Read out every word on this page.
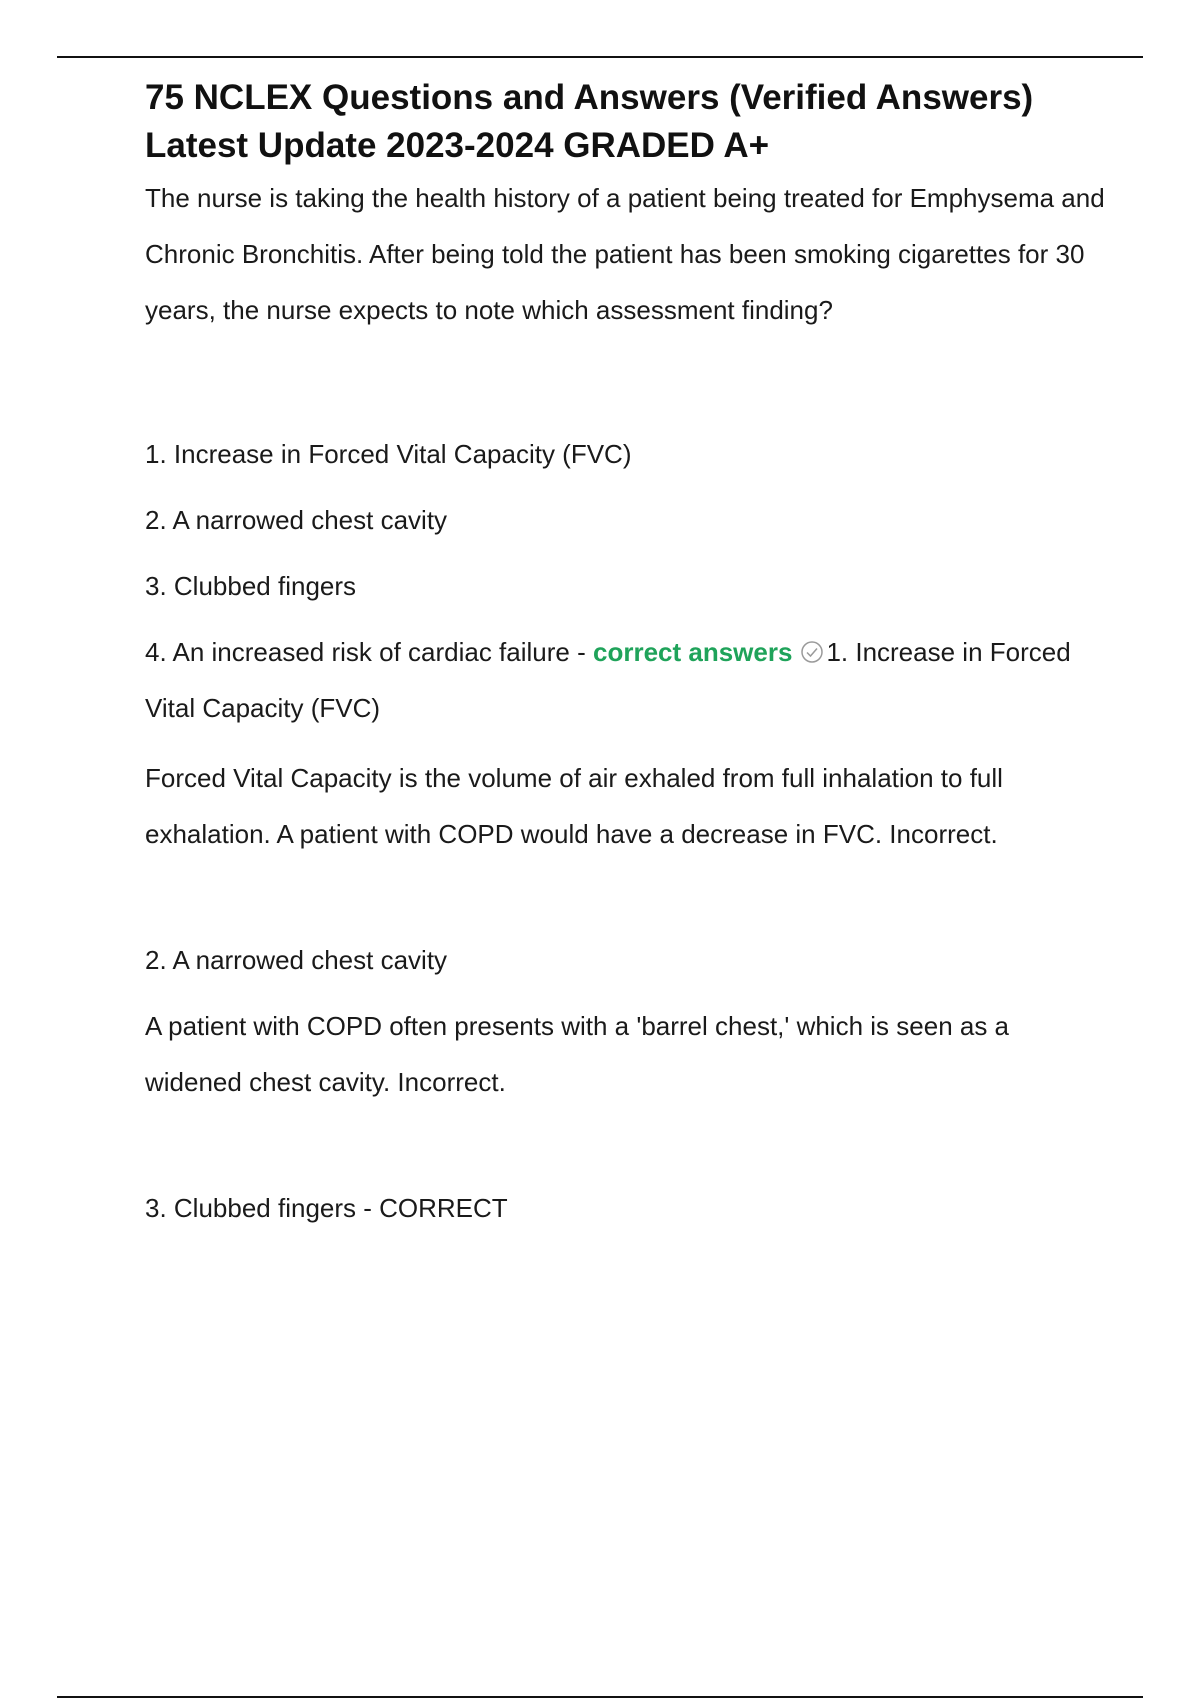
75 NCLEX Questions and Answers (Verified Answers)
Latest Update 2023-2024 GRADED A+

The nurse is taking the health history of a patient being treated for Emphysema and Chronic Bronchitis. After being told the patient has been smoking cigarettes for 30 years, the nurse expects to note which assessment finding?

1. Increase in Forced Vital Capacity (FVC)

2. A narrowed chest cavity

3. Clubbed fingers

4. An increased risk of cardiac failure - correct answers 1. Increase in Forced Vital Capacity (FVC)

Forced Vital Capacity is the volume of air exhaled from full inhalation to full exhalation. A patient with COPD would have a decrease in FVC. Incorrect.

2. A narrowed chest cavity

A patient with COPD often presents with a 'barrel chest,' which is seen as a widened chest cavity. Incorrect.

3. Clubbed fingers - CORRECT
